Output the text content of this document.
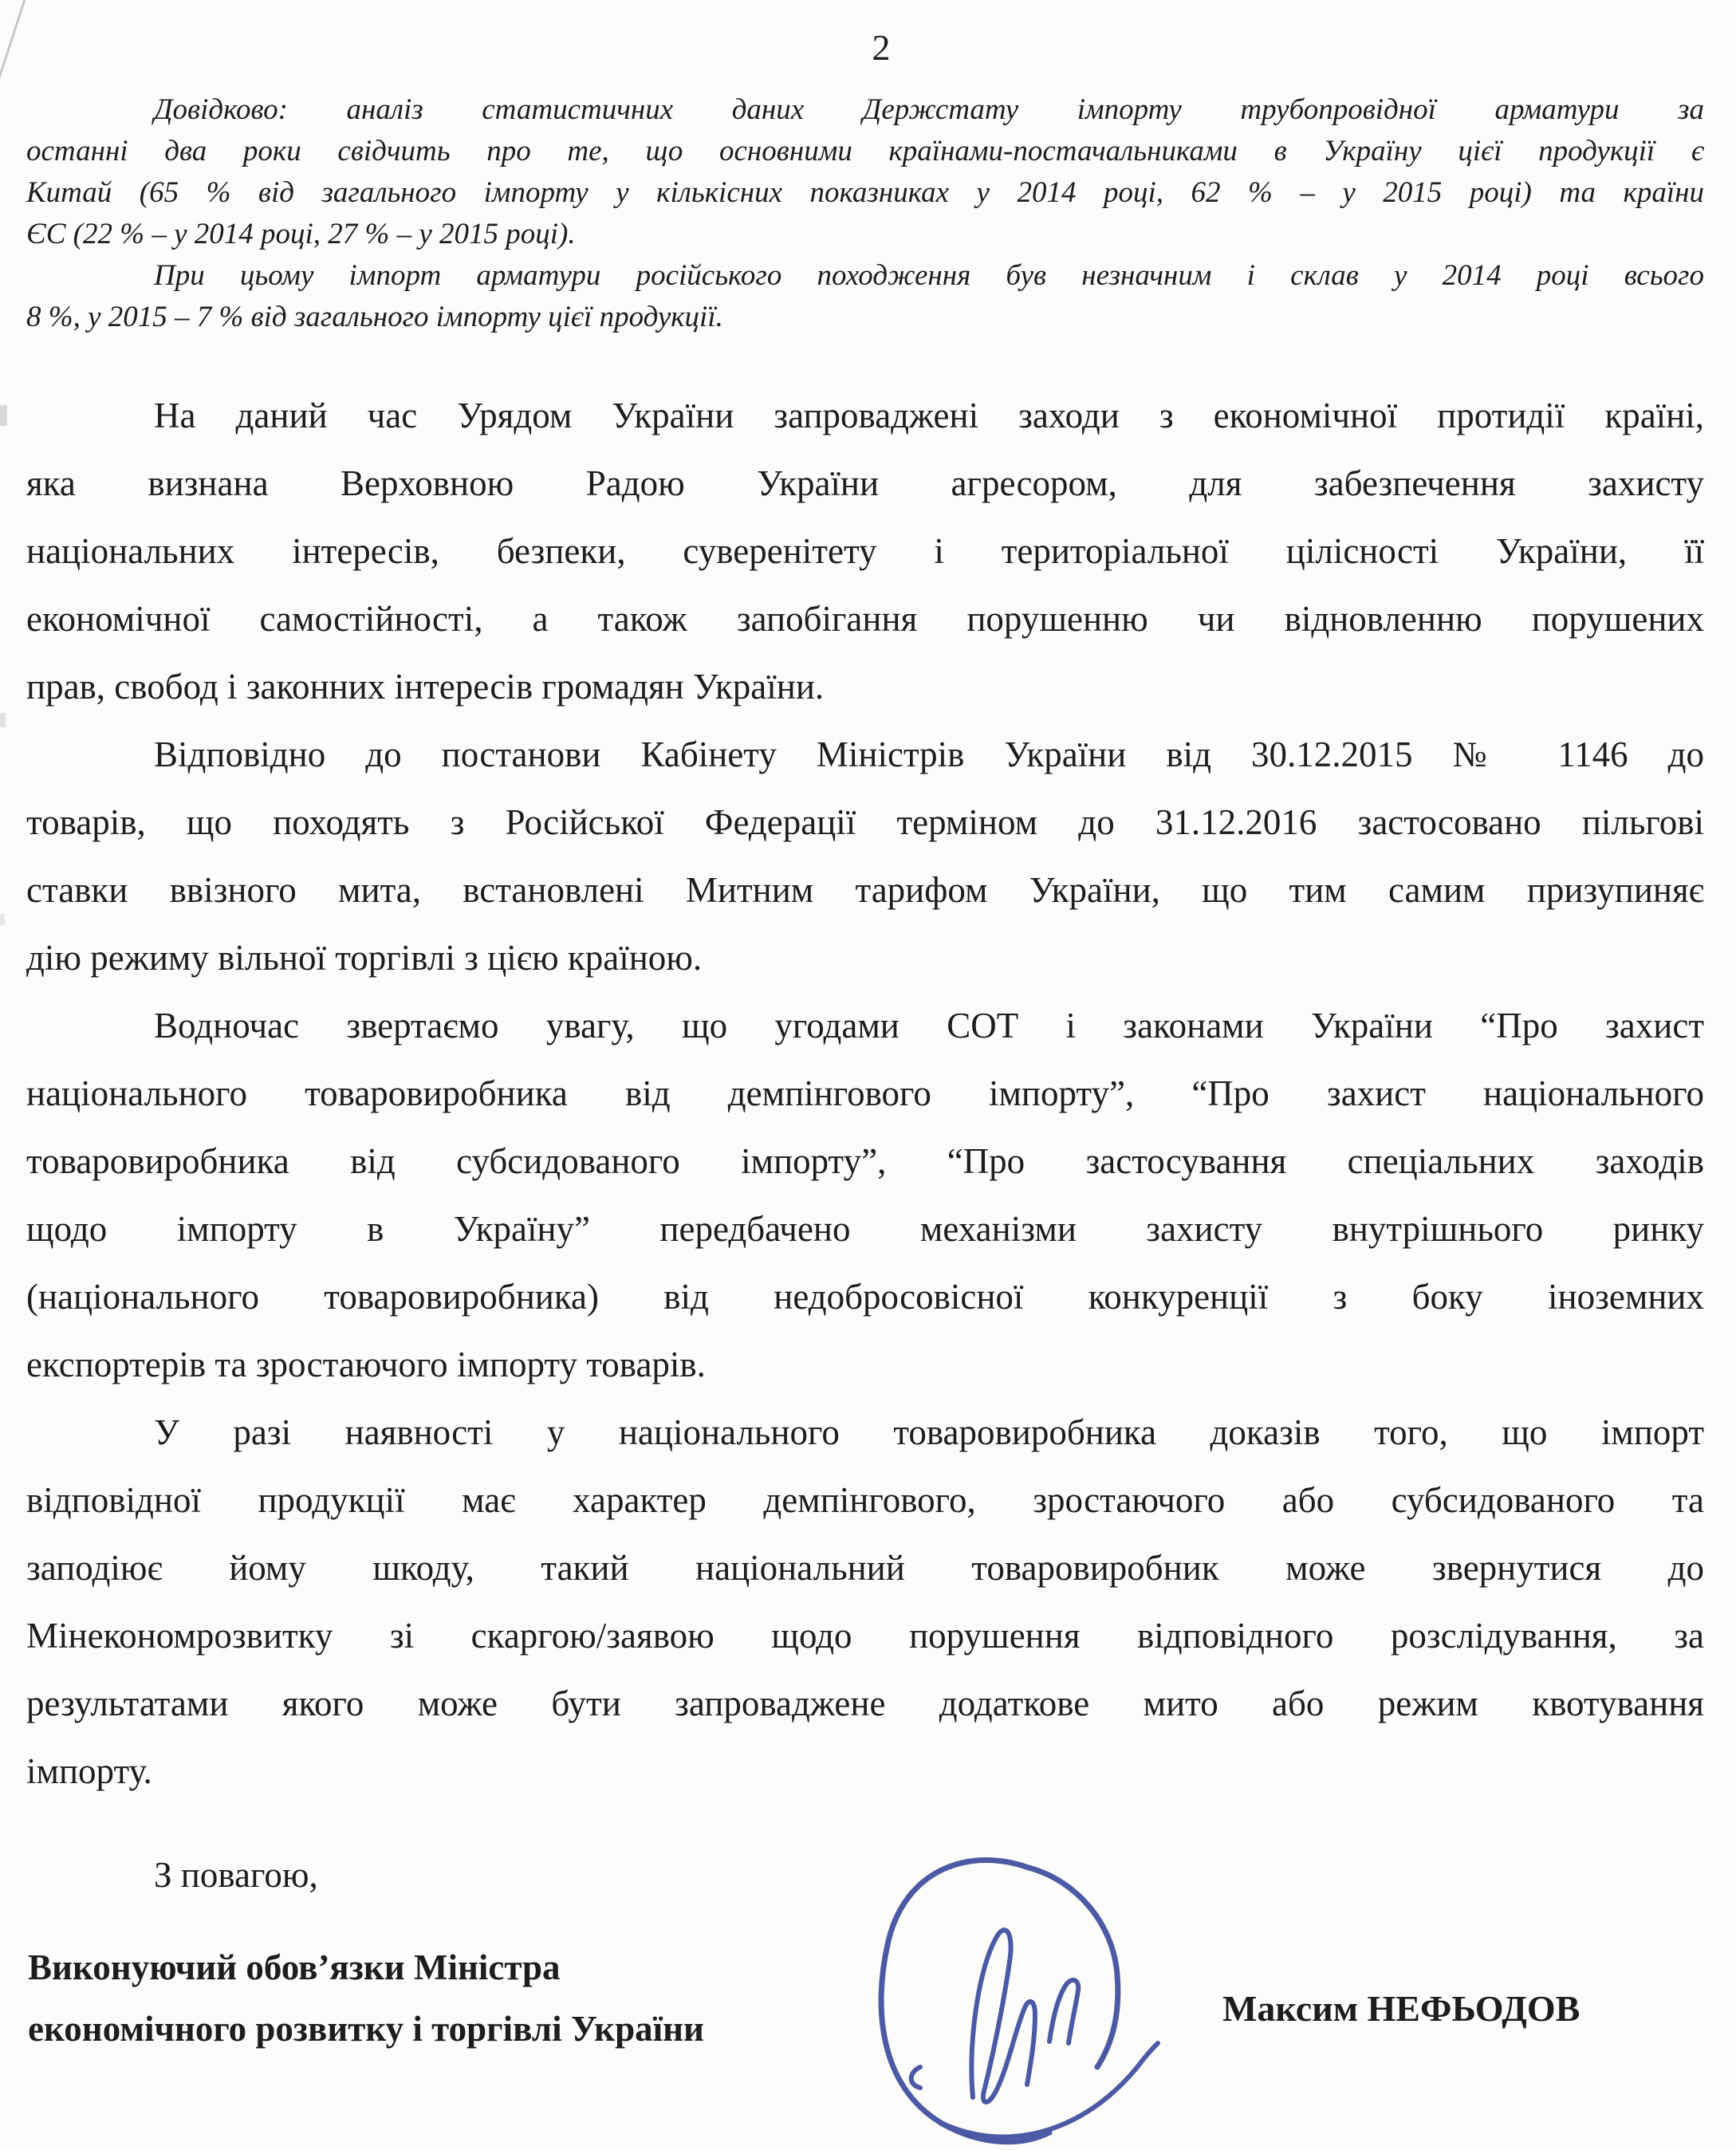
2
Довідково: аналіз статистичних даних Держстату імпорту трубопровідної арматури за
останні два роки свідчить про те, що основними країнами-постачальниками в Україну цієї продукції є
Китай (65 % від загального імпорту у кількісних показниках у 2014 році, 62 % – у 2015 році) та країни
ЄС (22 % – у 2014 році, 27 % – у 2015 році).
При цьому імпорт арматури російського походження був незначним і склав у 2014 році всього
8 %, у 2015 – 7 % від загального імпорту цієї продукції.
На даний час Урядом України запроваджені заходи з економічної протидії країні,
яка визнана Верховною Радою України агресором, для забезпечення захисту
національних інтересів, безпеки, суверенітету і територіальної цілісності України, її
економічної самостійності, а також запобігання порушенню чи відновленню порушених
прав, свобод і законних інтересів громадян України.
Відповідно до постанови Кабінету Міністрів України від 30.12.2015 № 1146 до
товарів, що походять з Російської Федерації терміном до 31.12.2016 застосовано пільгові
ставки ввізного мита, встановлені Митним тарифом України, що тим самим призупиняє
дію режиму вільної торгівлі з цією країною.
Водночас звертаємо увагу, що угодами СОТ і законами України “Про захист
національного товаровиробника від демпінгового імпорту”, “Про захист національного
товаровиробника від субсидованого імпорту”, “Про застосування спеціальних заходів
щодо імпорту в Україну” передбачено механізми захисту внутрішнього ринку
(національного товаровиробника) від недобросовісної конкуренції з боку іноземних
експортерів та зростаючого імпорту товарів.
У разі наявності у національного товаровиробника доказів того, що імпорт
відповідної продукції має характер демпінгового, зростаючого або субсидованого та
заподіює йому шкоду, такий національний товаровиробник може звернутися до
Мінекономрозвитку зі скаргою/заявою щодо порушення відповідного розслідування, за
результатами якого може бути запроваджене додаткове мито або режим квотування
імпорту.
З повагою,
Виконуючий обов’язки Міністра
економічного розвитку і торгівлі України	Максим НЕФЬОДОВ
